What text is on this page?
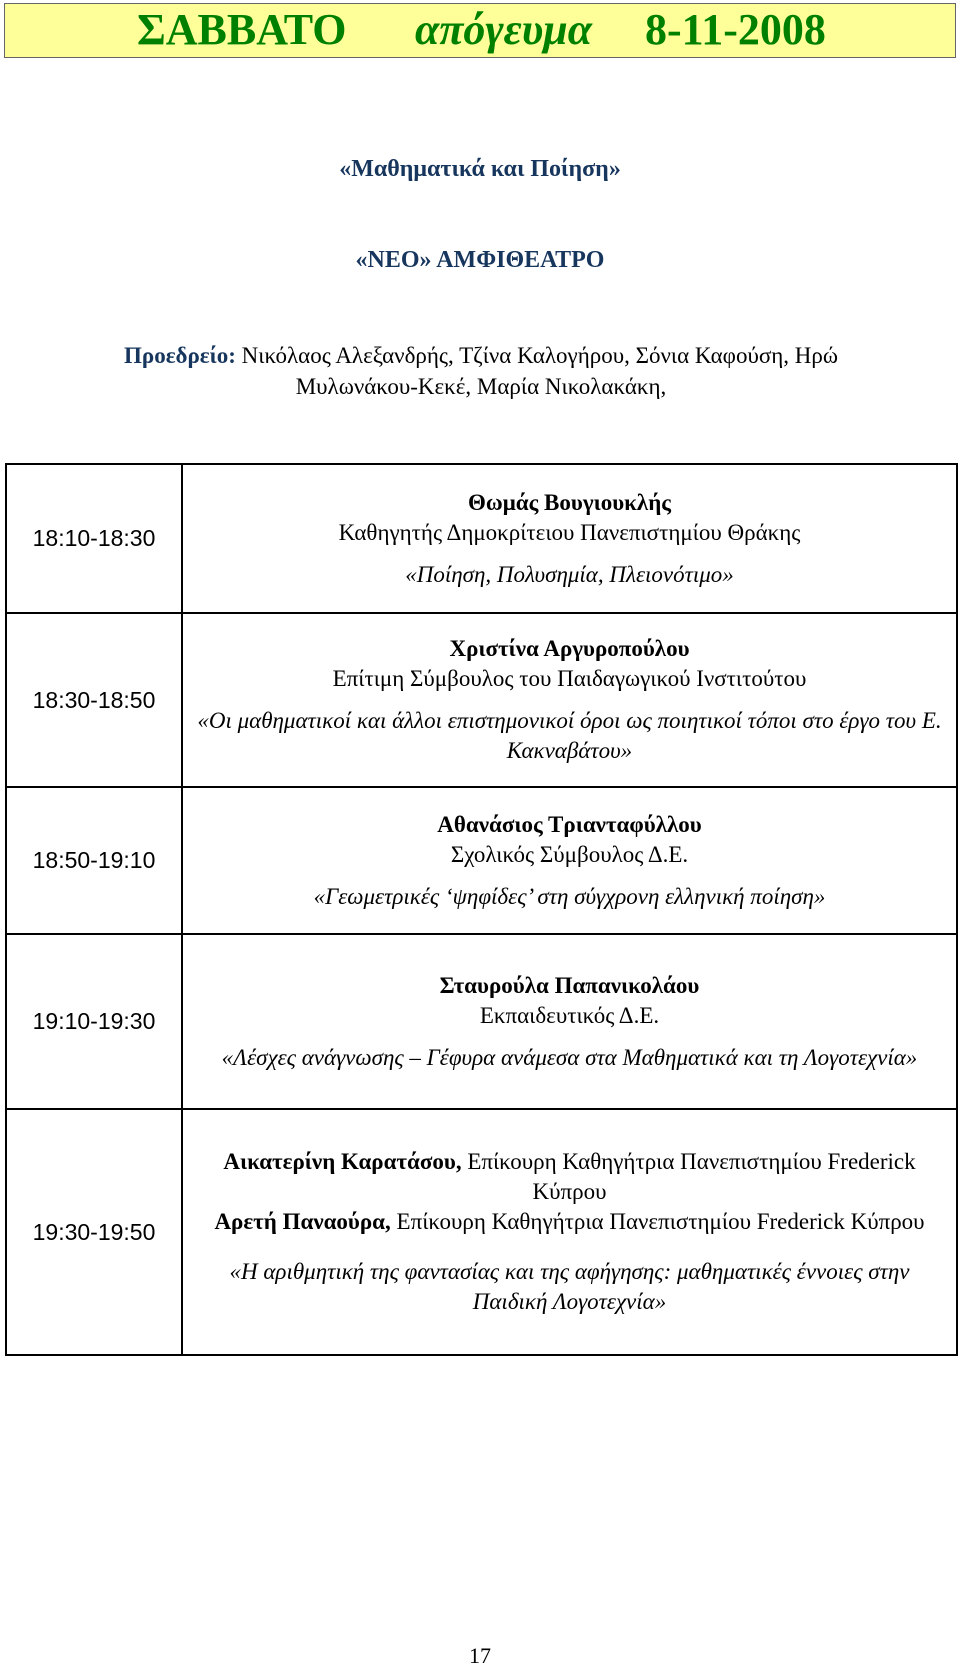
ΣΑΒΒΑΤΟ απόγευμα 8-11-2008
«Μαθηματικά και Ποίηση»
«ΝΕΟ» ΑΜΦΙΘΕΑΤΡΟ
Προεδρείο: Νικόλαος Αλεξανδρής, Τζίνα Καλογήρου, Σόνια Καφούση, Ηρώ
Μυλωνάκου-Κεκέ, Μαρία Νικολακάκη,
18:10-18:30	Θωμάς Βουγιουκλής
Καθηγητής Δημοκρίτειου Πανεπιστημίου Θράκης
«Ποίηση, Πολυσημία, Πλειονότιμο»

18:30-18:50	Χριστίνα Αργυροπούλου
Επίτιμη Σύμβουλος του Παιδαγωγικού Ινστιτούτου
«Οι μαθηματικοί και άλλοι επιστημονικοί όροι ως ποιητικοί τόποι στο έργο του Ε. Κακναβάτου»

18:50-19:10	Αθανάσιος Τριανταφύλλου
Σχολικός Σύμβουλος Δ.Ε.
«Γεωμετρικές ‘ψηφίδες’ στη σύγχρονη ελληνική ποίηση»

19:10-19:30	Σταυρούλα Παπανικολάου
Εκπαιδευτικός Δ.Ε.
«Λέσχες ανάγνωσης – Γέφυρα ανάμεσα στα Μαθηματικά και τη Λογοτεχνία»

19:30-19:50	Αικατερίνη Καρατάσου, Επίκουρη Καθηγήτρια Πανεπιστημίου Frederick Κύπρου
Αρετή Παναούρα, Επίκουρη Καθηγήτρια Πανεπιστημίου Frederick Κύπρου
«Η αριθμητική της φαντασίας και της αφήγησης: μαθηματικές έννοιες στην Παιδική Λογοτεχνία»
17
